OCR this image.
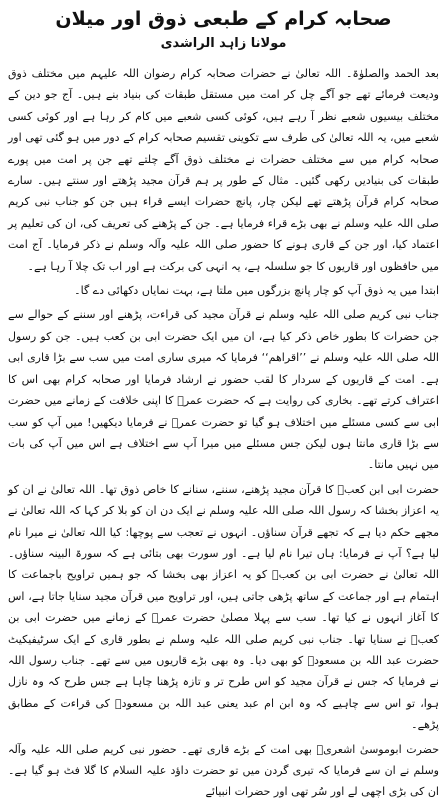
صحابہ کرام کے طبعی ذوق اور میلان
مولانا زاہد الراشدی

بعد الحمد والصلوٰۃ۔ اللہ تعالیٰ نے حضرات صحابہ کرام رضوان اللہ علیہم میں مختلف ذوق ودیعت فرمائے تھے جو آگے چل کر امت میں مستقل طبقات کی بنیاد بنے ہیں۔ آج جو دین کے مختلف بیسیوں شعبے نظر آ رہے ہیں، کوئی کسی شعبے میں کام کر رہا ہے اور کوئی کسی شعبے میں، یہ اللہ تعالیٰ کی طرف سے تکوینی تقسیم صحابہ کرام کے دور میں ہو گئی تھی اور صحابہ کرام میں سے مختلف حضرات نے مختلف ذوق آگے چلتے تھے جن پر امت میں پورے طبقات کی بنیادیں رکھی گئیں۔ مثال کے طور پر ہم قرآن مجید پڑھتے اور سنتے ہیں۔ سارے صحابہ کرام قرآن پڑھتے تھے لیکن چار، پانچ حضرات ایسے قراء ہیں جن کو جناب نبی کریم صلی اللہ علیہ وسلم نے بھی بڑے قراء فرمایا ہے۔ جن کے پڑھنے کی تعریف کی، ان کی تعلیم پر اعتماد کیا، اور جن کے قاری ہونے کا حضور صلی اللہ علیہ وآلہ وسلم نے ذکر فرمایا۔ آج امت میں حافظوں اور قاریوں کا جو سلسلہ ہے، یہ انہی کی برکت ہے اور اب تک چلا آ رہا ہے۔

ابتدا میں یہ ذوق آپ کو چار پانچ بزرگوں میں ملتا ہے، بہت نمایاں دکھائی دے گا۔

جناب نبی کریم صلی اللہ علیہ وسلم نے قرآن مجید کی قراءت، پڑھنے اور سننے کے حوالے سے جن حضرات کا بطور خاص ذکر کیا ہے، ان میں ایک حضرت ابی بن کعب ہیں۔ جن کو رسول اللہ صلی اللہ علیہ وسلم نے ’’اقراھم‘‘ فرمایا کہ میری ساری امت میں سب سے بڑا قاری ابی ہے۔ امت کے قاریوں کے سردار کا لقب حضور نے ارشاد فرمایا اور صحابہ کرام بھی اس کا اعتراف کرتے تھے۔ بخاری کی روایت ہے کہ حضرت عمرؓ کا اپنی خلافت کے زمانے میں حضرت ابی سے کسی مسئلے میں اختلاف ہو گیا تو حضرت عمرؓ نے فرمایا دیکھیں! میں آپ کو سب سے بڑا قاری مانتا ہوں لیکن جس مسئلے میں میرا آپ سے اختلاف ہے اس میں آپ کی بات میں نہیں مانتا۔

حضرت ابی ابن کعبؓ کا قرآن مجید پڑھنے، سننے، سنانے کا خاص ذوق تھا۔ اللہ تعالیٰ نے ان کو یہ اعزاز بخشا کہ رسول اللہ صلی اللہ علیہ وسلم نے ایک دن ان کو بلا کر کہا کہ اللہ تعالیٰ نے مجھے حکم دیا ہے کہ تجھے قرآن سناؤں۔ انہوں نے تعجب سے پوچھا: کیا اللہ تعالیٰ نے میرا نام لیا ہے؟ آپ نے فرمایا: ہاں تیرا نام لیا ہے۔ اور سورت بھی بتائی ہے کہ سورۃ البینہ سناؤں۔ اللہ تعالیٰ نے حضرت ابی بن کعبؓ کو یہ اعزاز بھی بخشا کہ جو ہمیں تراویح باجماعت کا اہتمام ہے اور جماعت کے ساتھ پڑھی جاتی ہیں، اور تراویح میں قرآن مجید سنایا جاتا ہے، اس کا آغاز انہوں نے کیا تھا۔ سب سے پہلا مصلیٰ حضرت عمرؓ کے زمانے میں حضرت ابی بن کعبؓ نے سنایا تھا۔ جناب نبی کریم صلی اللہ علیہ وسلم نے بطور قاری کے ایک سرٹیفیکیٹ حضرت عبد اللہ بن مسعودؓ کو بھی دیا۔ وہ بھی بڑے قاریوں میں سے تھے۔ جناب رسول اللہ نے فرمایا کہ جس نے قرآن مجید کو اس طرح تر و تازہ پڑھنا چاہا ہے جس طرح کہ وہ نازل ہوا، تو اس سے چاہیے کہ وہ ابن ام عبد یعنی عبد اللہ بن مسعودؓ کی قراءت کے مطابق پڑھے۔

حضرت ابوموسیٰ اشعریؓ بھی امت کے بڑے قاری تھے۔ حضور نبی کریم صلی اللہ علیہ وآلہ وسلم نے ان سے فرمایا کہ تیری گردن میں تو حضرت داؤد علیہ السلام کا گلا فٹ ہو گیا ہے۔ ان کی بڑی اچھی لے اور سُر تھی اور حضرات انبیائے
